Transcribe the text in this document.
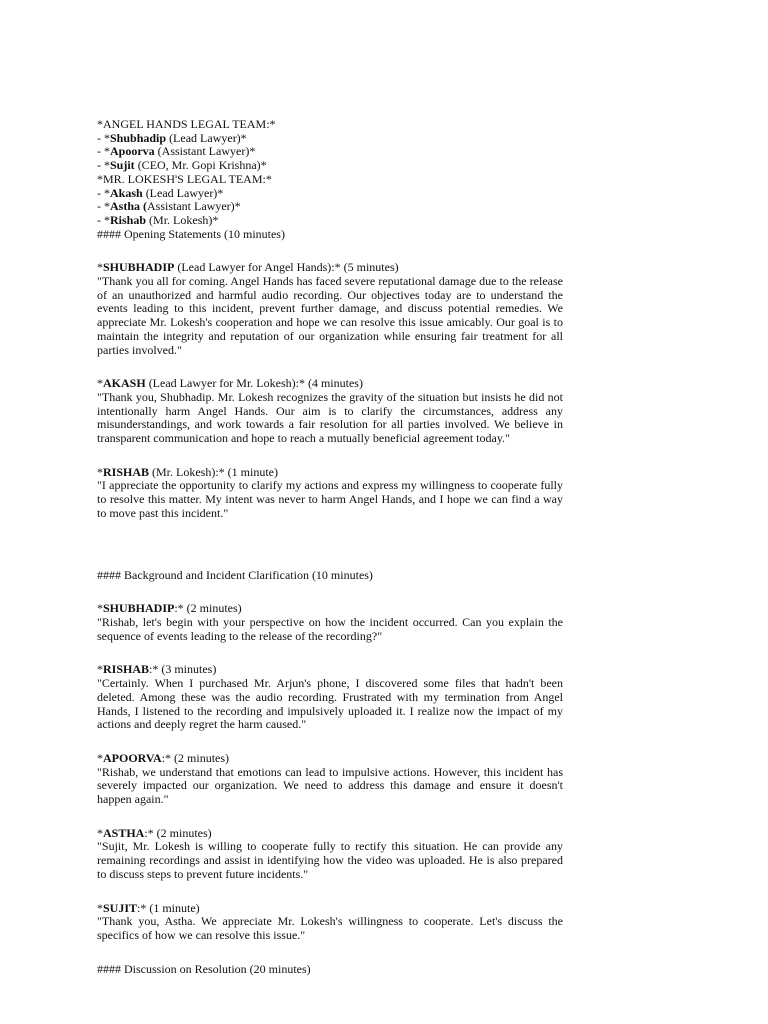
*ANGEL HANDS LEGAL TEAM:*
- *Shubhadip (Lead Lawyer)*
- *Apoorva (Assistant Lawyer)*
- *Sujit (CEO, Mr. Gopi Krishna)*
*MR. LOKESH'S LEGAL TEAM:*
- *Akash (Lead Lawyer)*
- *Astha (Assistant Lawyer)*
- *Rishab (Mr. Lokesh)*
#### Opening Statements (10 minutes)
*SHUBHADIP (Lead Lawyer for Angel Hands):* (5 minutes)
"Thank you all for coming. Angel Hands has faced severe reputational damage due to the release of an unauthorized and harmful audio recording. Our objectives today are to understand the events leading to this incident, prevent further damage, and discuss potential remedies. We appreciate Mr. Lokesh's cooperation and hope we can resolve this issue amicably. Our goal is to maintain the integrity and reputation of our organization while ensuring fair treatment for all parties involved."
*AKASH (Lead Lawyer for Mr. Lokesh):* (4 minutes)
"Thank you, Shubhadip. Mr. Lokesh recognizes the gravity of the situation but insists he did not intentionally harm Angel Hands. Our aim is to clarify the circumstances, address any misunderstandings, and work towards a fair resolution for all parties involved. We believe in transparent communication and hope to reach a mutually beneficial agreement today."
*RISHAB (Mr. Lokesh):* (1 minute)
"I appreciate the opportunity to clarify my actions and express my willingness to cooperate fully to resolve this matter. My intent was never to harm Angel Hands, and I hope we can find a way to move past this incident."
#### Background and Incident Clarification (10 minutes)
*SHUBHADIP:* (2 minutes)
"Rishab, let's begin with your perspective on how the incident occurred. Can you explain the sequence of events leading to the release of the recording?"
*RISHAB:* (3 minutes)
"Certainly. When I purchased Mr. Arjun's phone, I discovered some files that hadn't been deleted. Among these was the audio recording. Frustrated with my termination from Angel Hands, I listened to the recording and impulsively uploaded it. I realize now the impact of my actions and deeply regret the harm caused."
*APOORVA:* (2 minutes)
"Rishab, we understand that emotions can lead to impulsive actions. However, this incident has severely impacted our organization. We need to address this damage and ensure it doesn't happen again."
*ASTHA:* (2 minutes)
"Sujit, Mr. Lokesh is willing to cooperate fully to rectify this situation. He can provide any remaining recordings and assist in identifying how the video was uploaded. He is also prepared to discuss steps to prevent future incidents."
*SUJIT:* (1 minute)
"Thank you, Astha. We appreciate Mr. Lokesh's willingness to cooperate. Let's discuss the specifics of how we can resolve this issue."
#### Discussion on Resolution (20 minutes)
